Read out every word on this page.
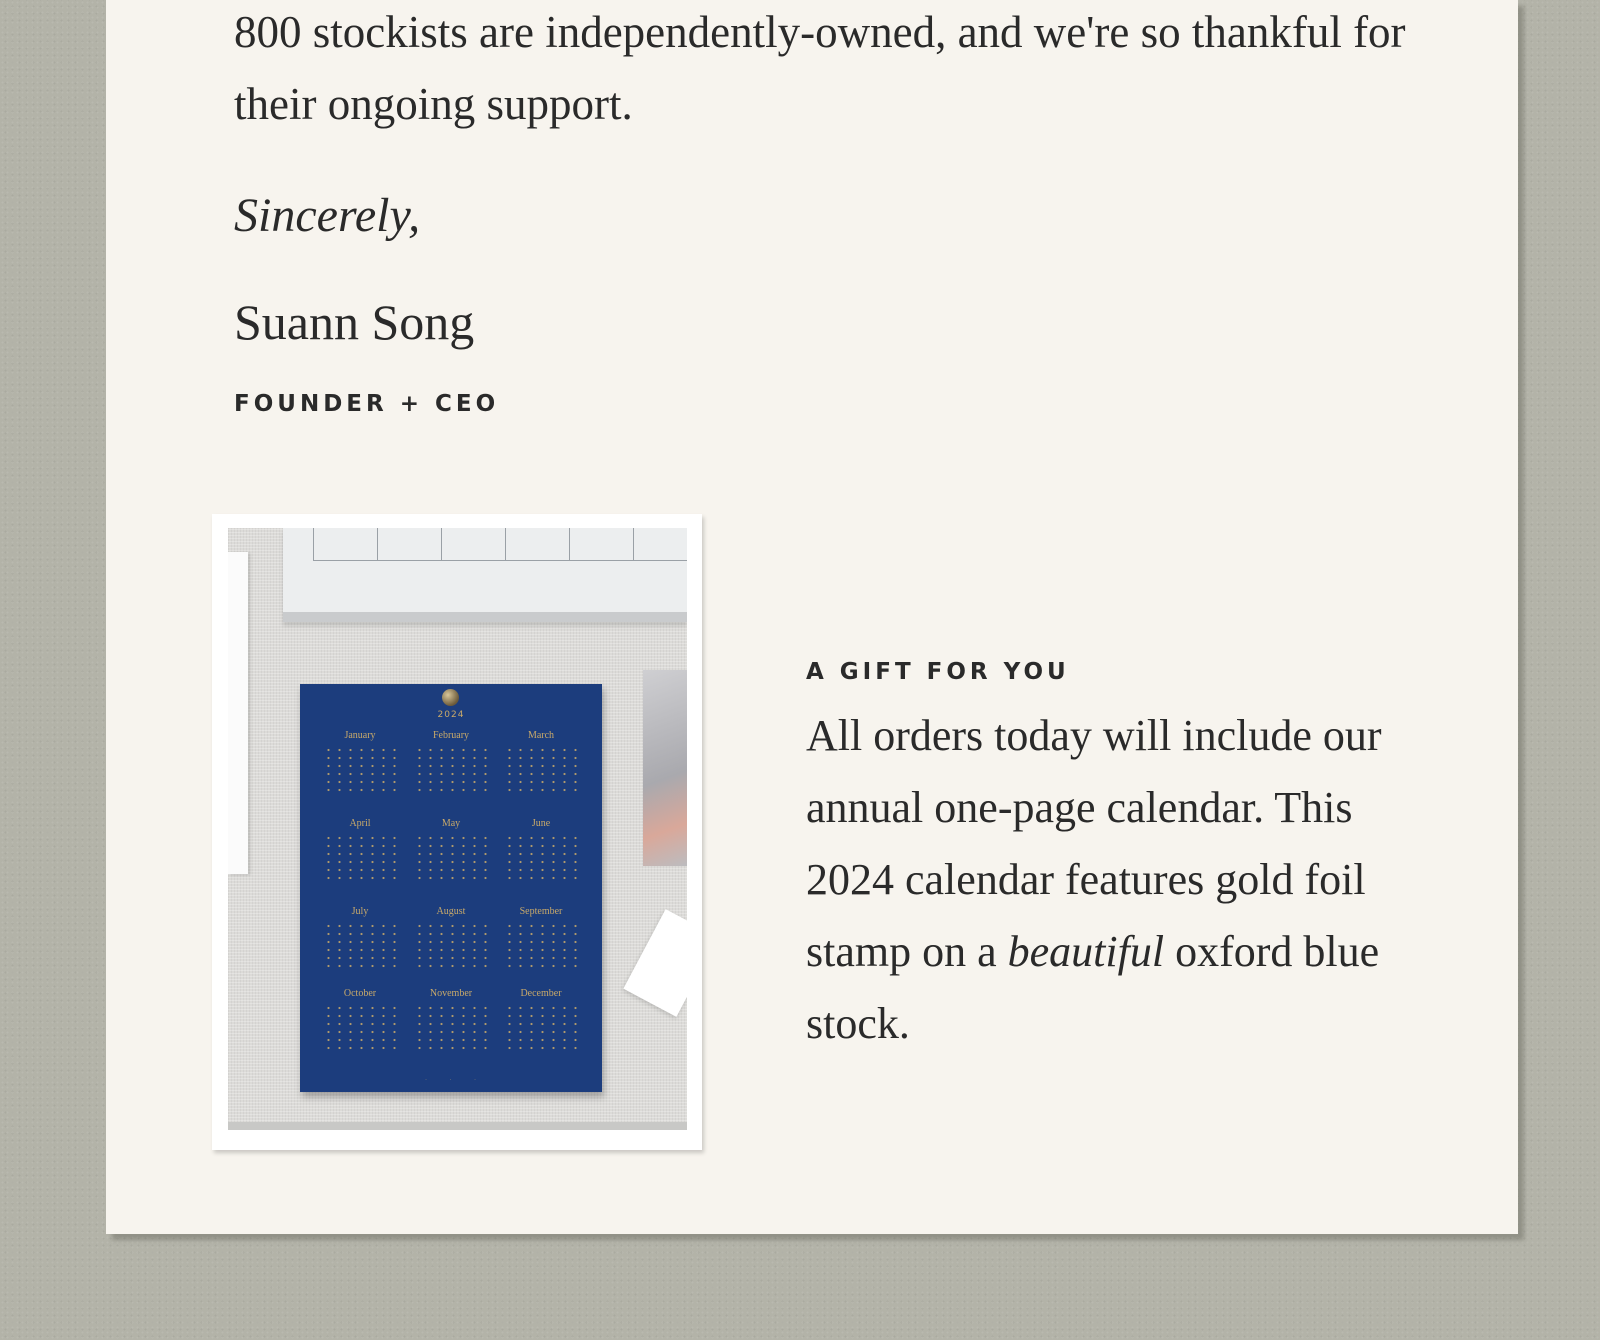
800 stockists are independently-owned, and we're so thankful for their ongoing support.

Sincerely,

Suann Song

FOUNDER + CEO

2024
January	February	March
April	May	June
July	August	September
October	November	December
· · ·

A GIFT FOR YOU

All orders today will include our annual one-page calendar. This 2024 calendar features gold foil stamp on a beautiful oxford blue stock.
